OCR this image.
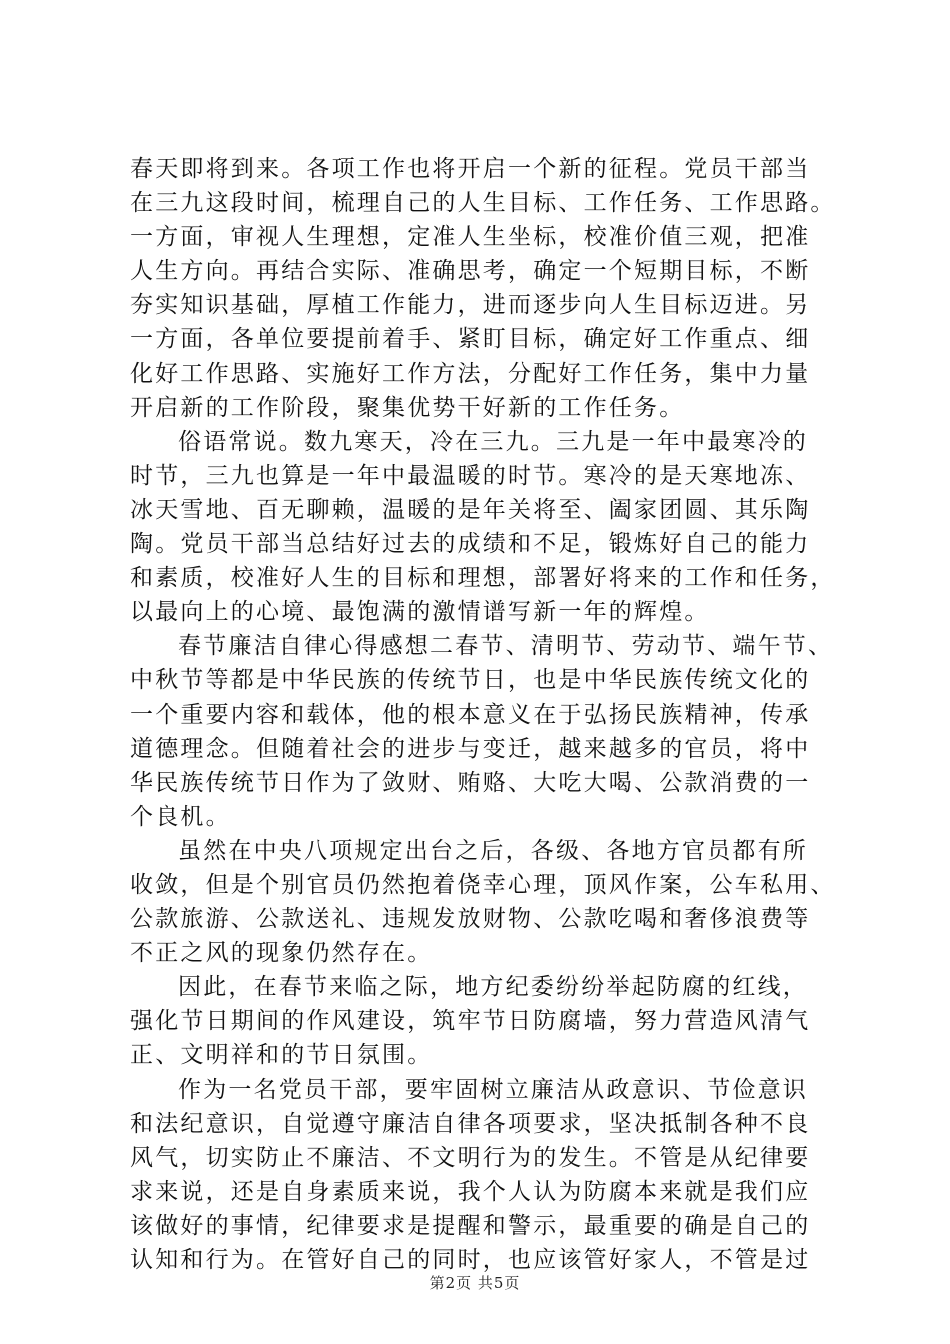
春天即将到来。各项工作也将开启一个新的征程。党员干部当
在三九这段时间，梳理自己的人生目标、工作任务、工作思路。
一方面，审视人生理想，定准人生坐标，校准价值三观，把准
人生方向。再结合实际、准确思考，确定一个短期目标，不断
夯实知识基础，厚植工作能力，进而逐步向人生目标迈进。另
一方面，各单位要提前着手、紧盯目标，确定好工作重点、细
化好工作思路、实施好工作方法，分配好工作任务，集中力量
开启新的工作阶段，聚集优势干好新的工作任务。
俗语常说。数九寒天，冷在三九。三九是一年中最寒冷的
时节，三九也算是一年中最温暖的时节。寒冷的是天寒地冻、
冰天雪地、百无聊赖，温暖的是年关将至、阖家团圆、其乐陶
陶。党员干部当总结好过去的成绩和不足，锻炼好自己的能力
和素质，校准好人生的目标和理想，部署好将来的工作和任务，
以最向上的心境、最饱满的激情谱写新一年的辉煌。
春节廉洁自律心得感想二春节、清明节、劳动节、端午节、
中秋节等都是中华民族的传统节日，也是中华民族传统文化的
一个重要内容和载体，他的根本意义在于弘扬民族精神，传承
道德理念。但随着社会的进步与变迁，越来越多的官员，将中
华民族传统节日作为了敛财、贿赂、大吃大喝、公款消费的一
个良机。
虽然在中央八项规定出台之后，各级、各地方官员都有所
收敛，但是个别官员仍然抱着侥幸心理，顶风作案，公车私用、
公款旅游、公款送礼、违规发放财物、公款吃喝和奢侈浪费等
不正之风的现象仍然存在。
因此，在春节来临之际，地方纪委纷纷举起防腐的红线，
强化节日期间的作风建设，筑牢节日防腐墙，努力营造风清气
正、文明祥和的节日氛围。
作为一名党员干部，要牢固树立廉洁从政意识、节俭意识
和法纪意识，自觉遵守廉洁自律各项要求，坚决抵制各种不良
风气，切实防止不廉洁、不文明行为的发生。不管是从纪律要
求来说，还是自身素质来说，我个人认为防腐本来就是我们应
该做好的事情，纪律要求是提醒和警示，最重要的确是自己的
认知和行为。在管好自己的同时，也应该管好家人，不管是过
第2页 共5页
